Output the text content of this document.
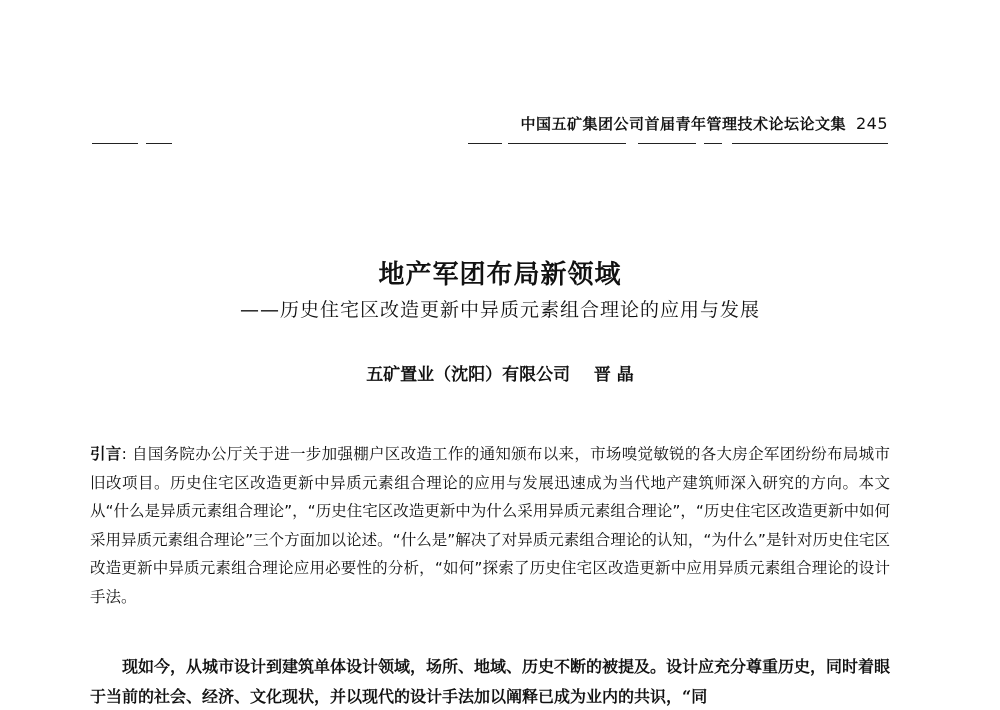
中国五矿集团公司首届青年管理技术论坛论文集 245
地产军团布局新领域
——历史住宅区改造更新中异质元素组合理论的应用与发展
五矿置业（沈阳）有限公司 晋 晶
引言: 自国务院办公厅关于进一步加强棚户区改造工作的通知颁布以来，市场嗅觉敏锐的各大房企军团纷纷布局城市旧改项目。历史住宅区改造更新中异质元素组合理论的应用与发展迅速成为当代地产建筑师深入研究的方向。本文从“什么是异质元素组合理论”，“历史住宅区改造更新中为什么采用异质元素组合理论”，“历史住宅区改造更新中如何采用异质元素组合理论”三个方面加以论述。“什么是”解决了对异质元素组合理论的认知，“为什么”是针对历史住宅区改造更新中异质元素组合理论应用必要性的分析，“如何”探索了历史住宅区改造更新中应用异质元素组合理论的设计手法。
现如今，从城市设计到建筑单体设计领域，场所、地域、历史不断的被提及。设计应充分尊重历史，同时着眼于当前的社会、经济、文化现状，并以现代的设计手法加以阐释已成为业内的共识，“同
